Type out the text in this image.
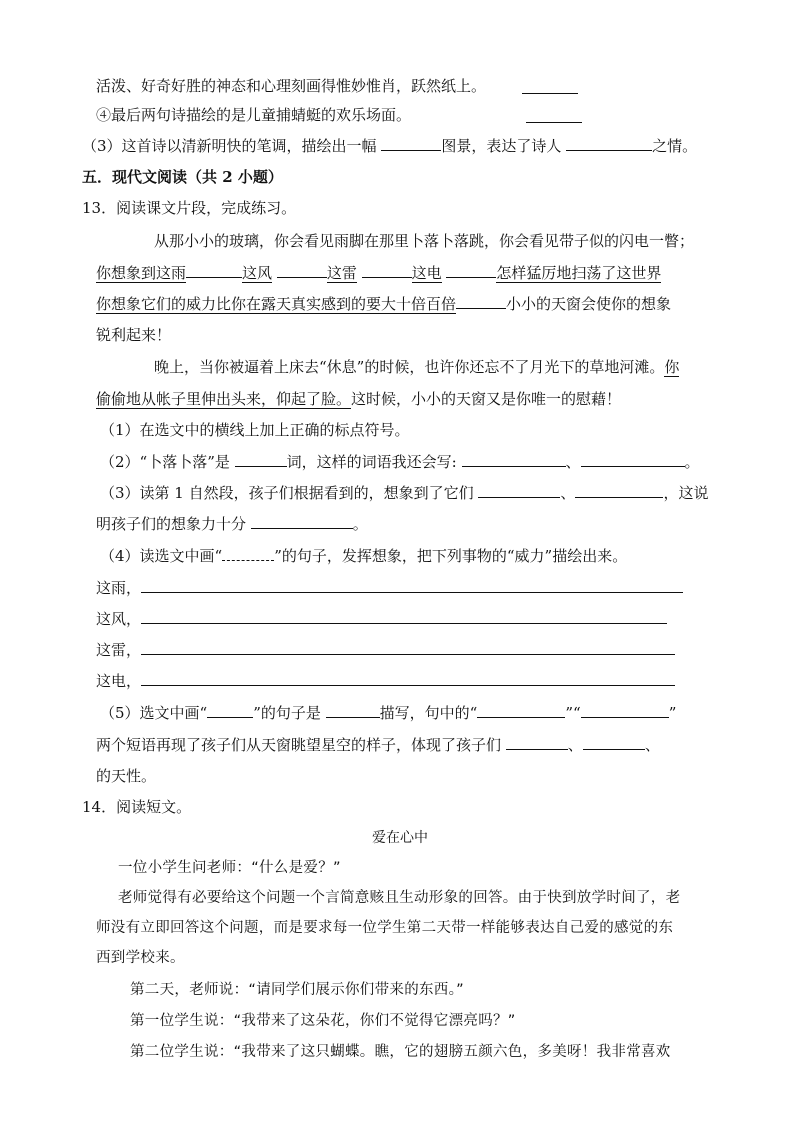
活泼、好奇好胜的神态和心理刻画得惟妙惟肖，跃然纸上。
④最后两句诗描绘的是儿童捕蜻蜓的欢乐场面。
（3）这首诗以清新明快的笔调，描绘出一幅	图景，表达了诗人	之情。
五．现代文阅读（共 2 小题）
13．阅读课文片段，完成练习。
从那小小的玻璃，你会看见雨脚在那里卜落卜落跳，你会看见带子似的闪电一瞥；
你想象到这雨	这风	这雷	这电	怎样猛厉地扫荡了这世界
你想象它们的威力比你在露天真实感到的要大十倍百倍	小小的天窗会使你的想象
锐利起来！
晚上，当你被逼着上床去“休息”的时候，也许你还忘不了月光下的草地河滩。你
偷偷地从帐子里伸出头来，仰起了脸。这时候，小小的天窗又是你唯一的慰藉！
（1）在选文中的横线上加上正确的标点符号。
（2）“卜落卜落”是	词，这样的词语我还会写:	、	。
（3）读第 1 自然段，孩子们根据看到的，想象到了它们	、	，这说
明孩子们的想象力十分	。
（4）读选文中画“	”的句子，发挥想象，把下列事物的“威力”描绘出来。
这雨，
这风，
这雷，
这电，
（5）选文中画“	”的句子是	描写，句中的“	”“	”
两个短语再现了孩子们从天窗眺望星空的样子，体现了孩子们	、	、
的天性。
14．阅读短文。
爱在心中
一位小学生问老师：“什么是爱？”
老师觉得有必要给这个问题一个言简意赅且生动形象的回答。由于快到放学时间了，老
师没有立即回答这个问题，而是要求每一位学生第二天带一样能够表达自己爱的感觉的东
西到学校来。
第二天，老师说：“请同学们展示你们带来的东西。”
第一位学生说：“我带来了这朵花，你们不觉得它漂亮吗？”
第二位学生说：“我带来了这只蝴蝶。瞧，它的翅膀五颜六色，多美呀！我非常喜欢
